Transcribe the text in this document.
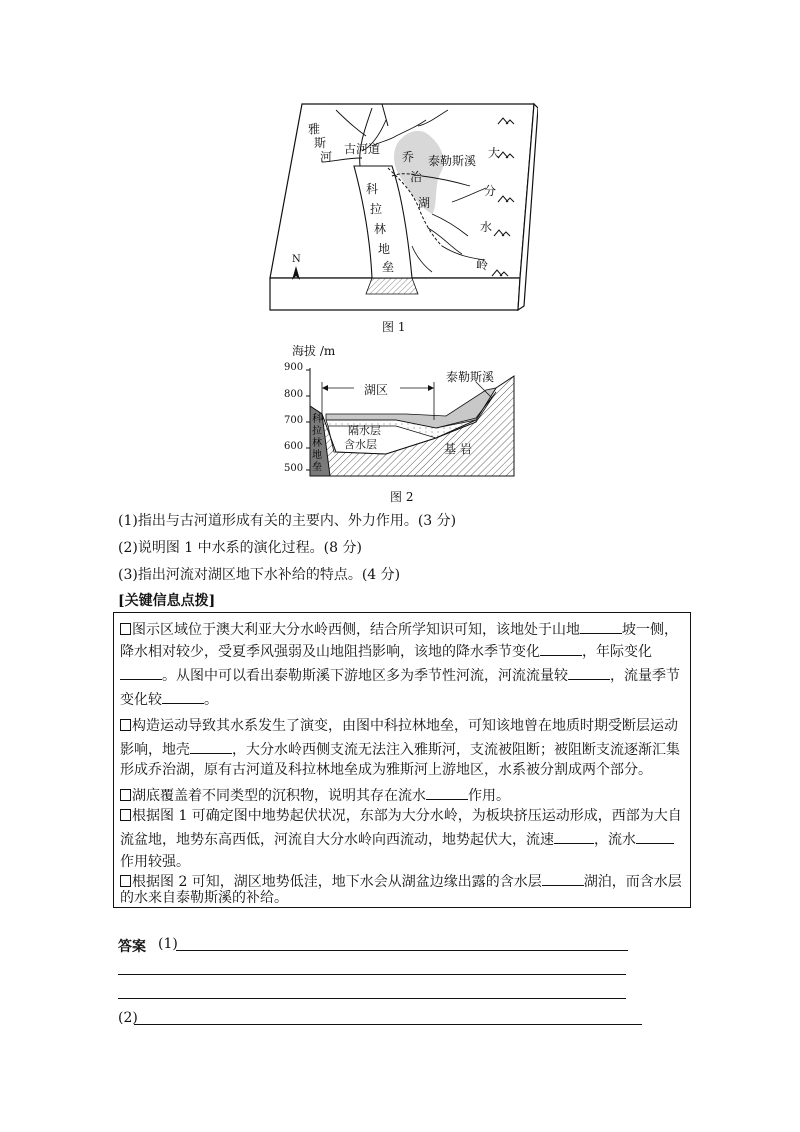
雅
斯
河
古河道
乔
治
湖
泰勒斯溪
大
分
水
岭
科
拉
林
地
垒
N
图 1
海拔 /m
900
800
700
600
500
湖区
泰勒斯溪
隔水层
含水层	基 岩
科
拉
林
地
垒
图 2
(1)指出与古河道形成有关的主要内、外力作用。(3 分)
(2)说明图 1 中水系的演化过程。(8 分)
(3)指出河流对湖区地下水补给的特点。(4 分)
[关键信息点拨]

图示区域位于澳大利亚大分水岭西侧，结合所学知识可知，该地处于山地	坡一侧，

降水相对较少，受夏季风强弱及山地阻挡影响，该地的降水季节变化	，年际变化

。从图中可以看出泰勒斯溪下游地区多为季节性河流，河流流量较	，流量季节

变化较	。

构造运动导致其水系发生了演变，由图中科拉林地垒，可知该地曾在地质时期受断层运动

影响，地壳	，大分水岭西侧支流无法注入雅斯河，支流被阻断；被阻断支流逐渐汇集

形成乔治湖，原有古河道及科拉林地垒成为雅斯河上游地区，水系被分割成两个部分。

湖底覆盖着不同类型的沉积物，说明其存在流水	作用。

根据图 1 可确定图中地势起伏状况，东部为大分水岭，为板块挤压运动形成，西部为大自

流盆地，地势东高西低，河流自大分水岭向西流动，地势起伏大，流速	，流水

作用较强。

根据图 2 可知，湖区地势低洼，地下水会从湖盆边缘出露的含水层	湖泊，而含水层

的水来自泰勒斯溪的补给。

答案 (1)
(2)
